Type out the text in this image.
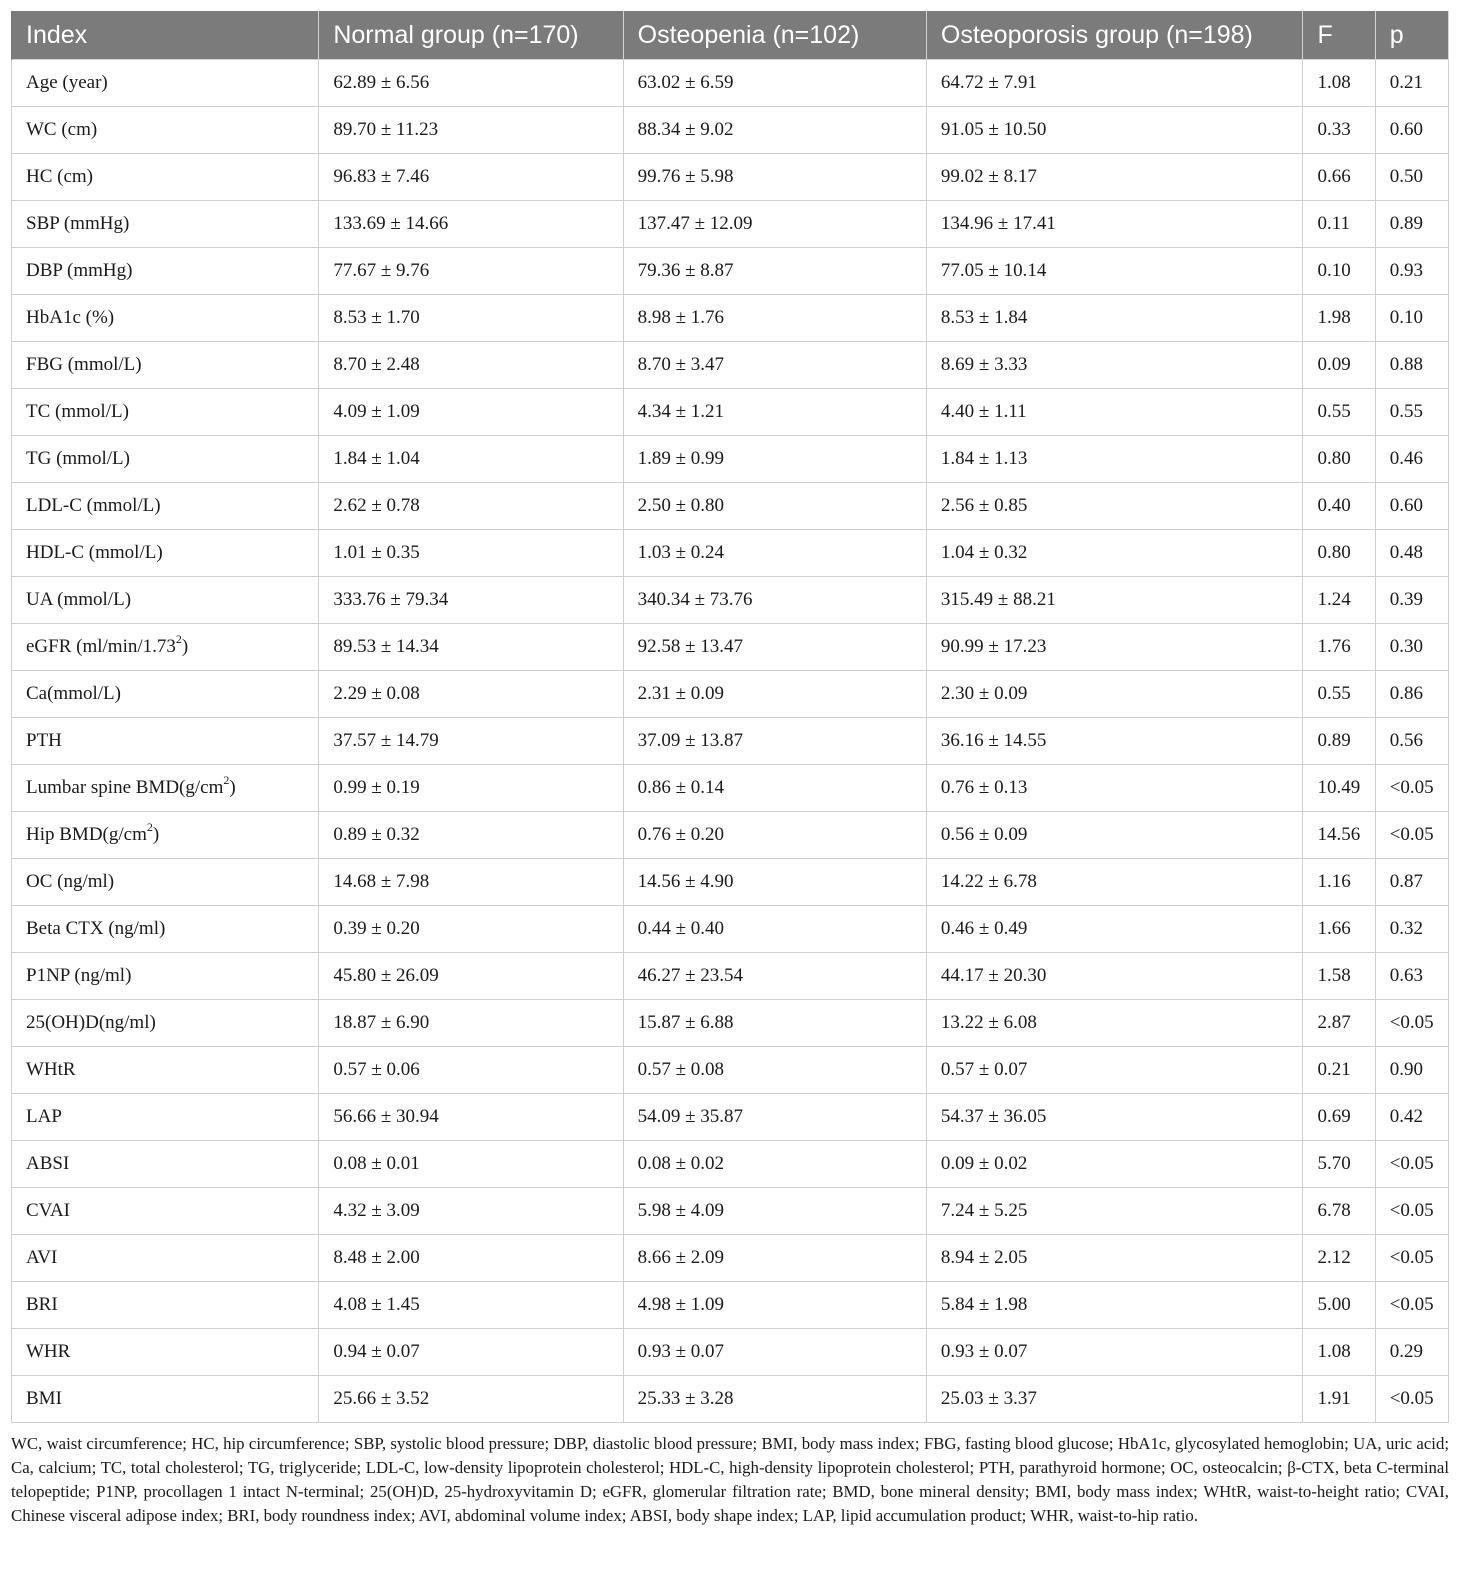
Index	Normal group (n=170)	Osteopenia (n=102)	Osteoporosis group (n=198)	F	p
Age (year)	62.89 ± 6.56	63.02 ± 6.59	64.72 ± 7.91	1.08	0.21
WC (cm)	89.70 ± 11.23	88.34 ± 9.02	91.05 ± 10.50	0.33	0.60
HC (cm)	96.83 ± 7.46	99.76 ± 5.98	99.02 ± 8.17	0.66	0.50
SBP (mmHg)	133.69 ± 14.66	137.47 ± 12.09	134.96 ± 17.41	0.11	0.89
DBP (mmHg)	77.67 ± 9.76	79.36 ± 8.87	77.05 ± 10.14	0.10	0.93
HbA1c (%)	8.53 ± 1.70	8.98 ± 1.76	8.53 ± 1.84	1.98	0.10
FBG (mmol/L)	8.70 ± 2.48	8.70 ± 3.47	8.69 ± 3.33	0.09	0.88
TC (mmol/L)	4.09 ± 1.09	4.34 ± 1.21	4.40 ± 1.11	0.55	0.55
TG (mmol/L)	1.84 ± 1.04	1.89 ± 0.99	1.84 ± 1.13	0.80	0.46
LDL-C (mmol/L)	2.62 ± 0.78	2.50 ± 0.80	2.56 ± 0.85	0.40	0.60
HDL-C (mmol/L)	1.01 ± 0.35	1.03 ± 0.24	1.04 ± 0.32	0.80	0.48
UA (mmol/L)	333.76 ± 79.34	340.34 ± 73.76	315.49 ± 88.21	1.24	0.39
eGFR (ml/min/1.73$^2$)	89.53 ± 14.34	92.58 ± 13.47	90.99 ± 17.23	1.76	0.30
Ca(mmol/L)	2.29 ± 0.08	2.31 ± 0.09	2.30 ± 0.09	0.55	0.86
PTH	37.57 ± 14.79	37.09 ± 13.87	36.16 ± 14.55	0.89	0.56
Lumbar spine $BMD(g/cm^2)$	0.99 ± 0.19	0.86 ± 0.14	0.76 ± 0.13	10.49	<0.05
Hip $BMD(g/cm^2)$	0.89 ± 0.32	0.76 ± 0.20	0.56 ± 0.09	14.56	<0.05
OC (ng/ml)	14.68 ± 7.98	14.56 ± 4.90	14.22 ± 6.78	1.16	0.87
Beta CTX (ng/ml)	0.39 ± 0.20	0.44 ± 0.40	0.46 ± 0.49	1.66	0.32
P1NP (ng/ml)	45.80 ± 26.09	46.27 ± 23.54	44.17 ± 20.30	1.58	0.63
25(OH)D(ng/ml)	18.87 ± 6.90	15.87 ± 6.88	13.22 ± 6.08	2.87	<0.05
WHtR	0.57 ± 0.06	0.57 ± 0.08	0.57 ± 0.07	0.21	0.90
LAP	56.66 ± 30.94	54.09 ± 35.87	54.37 ± 36.05	0.69	0.42
ABSI	0.08 ± 0.01	0.08 ± 0.02	0.09 ± 0.02	5.70	<0.05
CVAI	4.32 ± 3.09	5.98 ± 4.09	7.24 ± 5.25	6.78	<0.05
AVI	8.48 ± 2.00	8.66 ± 2.09	8.94 ± 2.05	2.12	<0.05
BRI	4.08 ± 1.45	4.98 ± 1.09	5.84 ± 1.98	5.00	<0.05
WHR	0.94 ± 0.07	0.93 ± 0.07	0.93 ± 0.07	1.08	0.29
BMI	25.66 ± 3.52	25.33 ± 3.28	25.03 ± 3.37	1.91	<0.05
WC, waist circumference; HC, hip circumference; SBP, systolic blood pressure; DBP, diastolic blood pressure; BMI, body mass index; FBG, fasting blood glucose; HbA1c, glycosylated hemoglobin; UA, uric acid; Ca, calcium; TC, total cholesterol; TG, triglyceride; LDL-C, low-density lipoprotein cholesterol; HDL-C, high-density lipoprotein cholesterol; PTH, parathyroid hormone; OC, osteocalcin; β-CTX, beta C-terminal telopeptide; P1NP, procollagen 1 intact N-terminal; 25(OH)D, 25-hydroxyvitamin D; eGFR, glomerular filtration rate; BMD, bone mineral density; BMI, body mass index; WHtR, waist-to-height ratio; CVAI, Chinese visceral adipose index; BRI, body roundness index; AVI, abdominal volume index; ABSI, body shape index; LAP, lipid accumulation product; WHR, waist-to-hip ratio.
